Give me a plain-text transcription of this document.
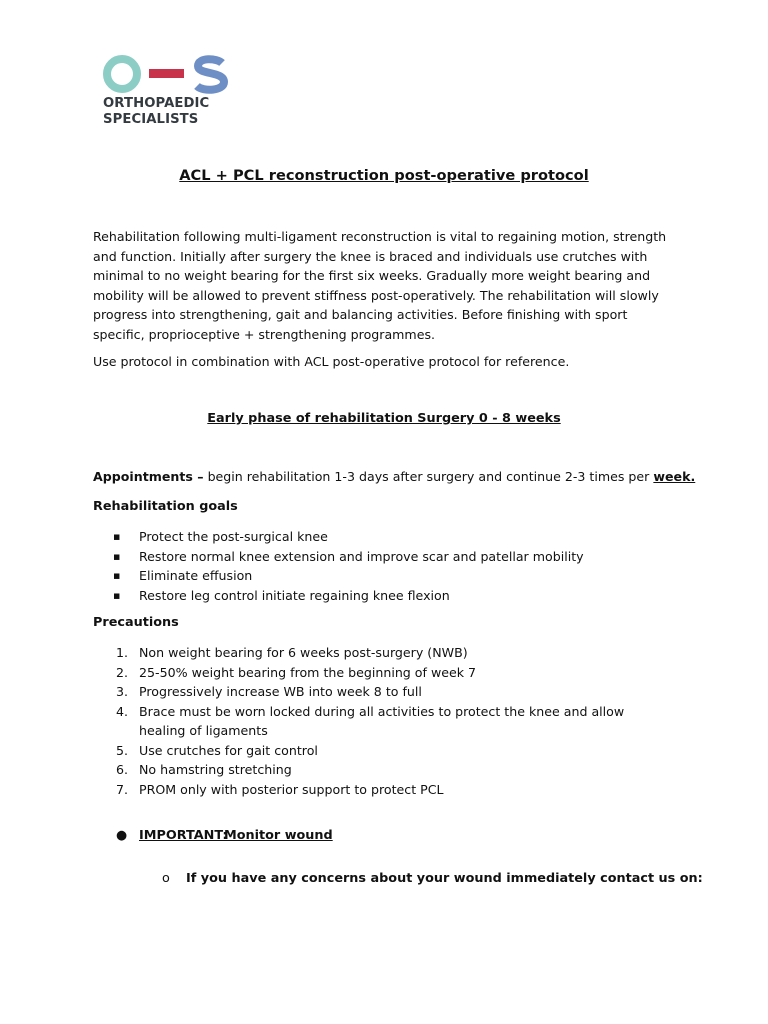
ORTHOPAEDIC
SPECIALISTS
ACL + PCL reconstruction post-operative protocol

Rehabilitation following multi-ligament reconstruction is vital to regaining motion, strength and function. Initially after surgery the knee is braced and individuals use crutches with minimal to no weight bearing for the first six weeks. Gradually more weight bearing and mobility will be allowed to prevent stiffness post-operatively. The rehabilitation will slowly progress into strengthening, gait and balancing activities. Before finishing with sport specific, proprioceptive + strengthening programmes.

Use protocol in combination with ACL post-operative protocol for reference.

Early phase of rehabilitation Surgery 0 - 8 weeks
Appointments – begin rehabilitation 1-3 days after surgery and continue 2-3 times per week.
Rehabilitation goals
▪ Protect the post-surgical knee
▪ Restore normal knee extension and improve scar and patellar mobility
▪ Eliminate effusion
▪ Restore leg control initiate regaining knee flexion
Precautions
1. Non weight bearing for 6 weeks post-surgery (NWB)
2. 25-50% weight bearing from the beginning of week 7
3. Progressively increase WB into week 8 to full
4. Brace must be worn locked during all activities to protect the knee and allow healing of ligaments
5. Use crutches for gait control
6. No hamstring stretching
7. PROM only with posterior support to protect PCL
● IMPORTANT:
Monitor wound
o If you have any concerns about your wound immediately contact us on:
